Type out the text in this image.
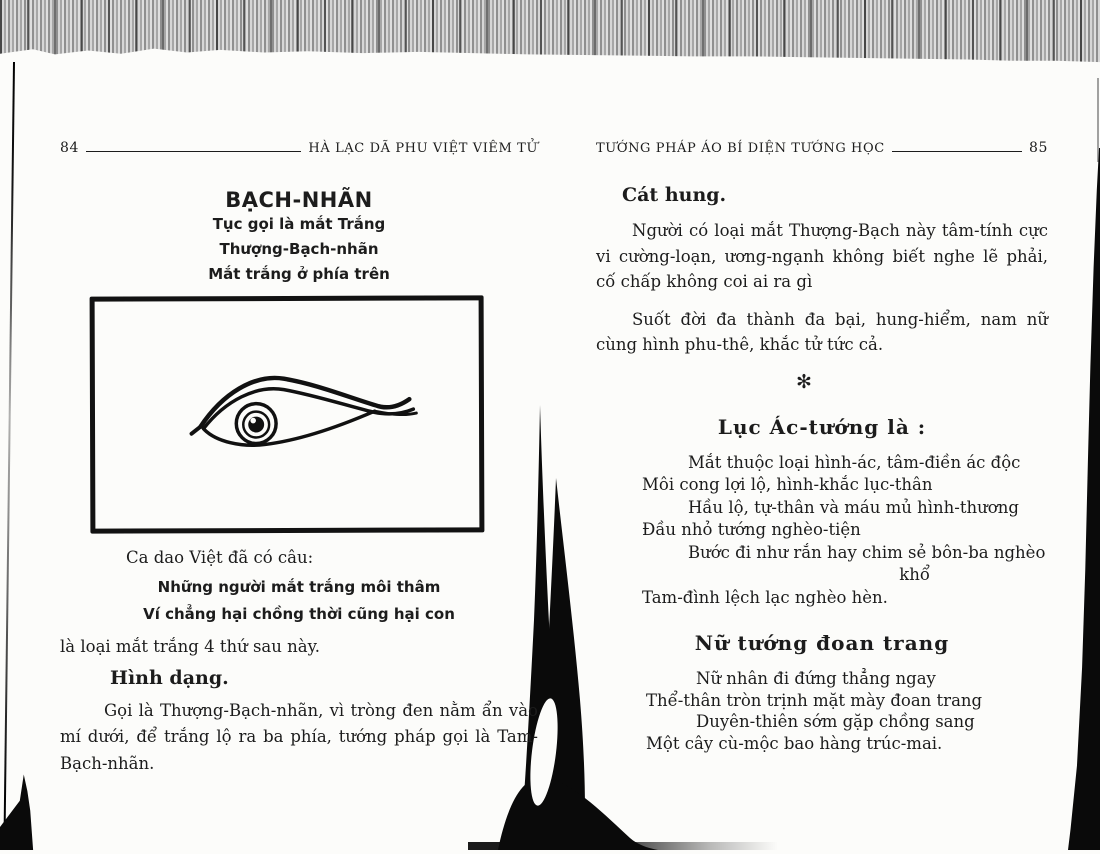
84	HÀ LẠC DÃ PHU VIỆT VIÊM TỬ
BẠCH-NHÃN
Tục gọi là mắt Trắng
Thượng-Bạch-nhãn
Mắt trắng ở phía trên
Ca dao Việt đã có câu:
Những người mắt trắng môi thâm
Ví chẳng hại chồng thời cũng hại con
là loại mắt trắng 4 thứ sau này.
Hình dạng.
Gọi là Thượng-Bạch-nhãn, vì tròng đen nằm ẩn vào mí dưới, để trắng lộ ra ba phía, tướng pháp gọi là Tam-Bạch-nhãn.
TƯỚNG PHÁP ÁO BÍ DIỆN TƯỚNG HỌC	85
Cát hung.
Người có loại mắt Thượng-Bạch này tâm-tính cực vi cường-loạn, ương-ngạnh không biết nghe lẽ phải, cố chấp không coi ai ra gì
Suốt đời đa thành đa bại, hung-hiểm, nam nữ cùng hình phu-thê, khắc tử tức cả.
✻
Lục Ác-tướng là :
Mắt thuộc loại hình-ác, tâm-điền ác độc
Môi cong lợi lộ, hình-khắc lục-thân
Hầu lộ, tự-thân và máu mủ hình-thương
Đầu nhỏ tướng nghèo-tiện
Bước đi như rắn hay chim sẻ bôn-ba nghèo
khổ
Tam-đình lệch lạc nghèo hèn.
Nữ tướng đoan trang
Nữ nhân đi đứng thẳng ngay
Thể-thân tròn trịnh mặt mày đoan trang
Duyên-thiên sớm gặp chồng sang
Một cây cù-mộc bao hàng trúc-mai.
